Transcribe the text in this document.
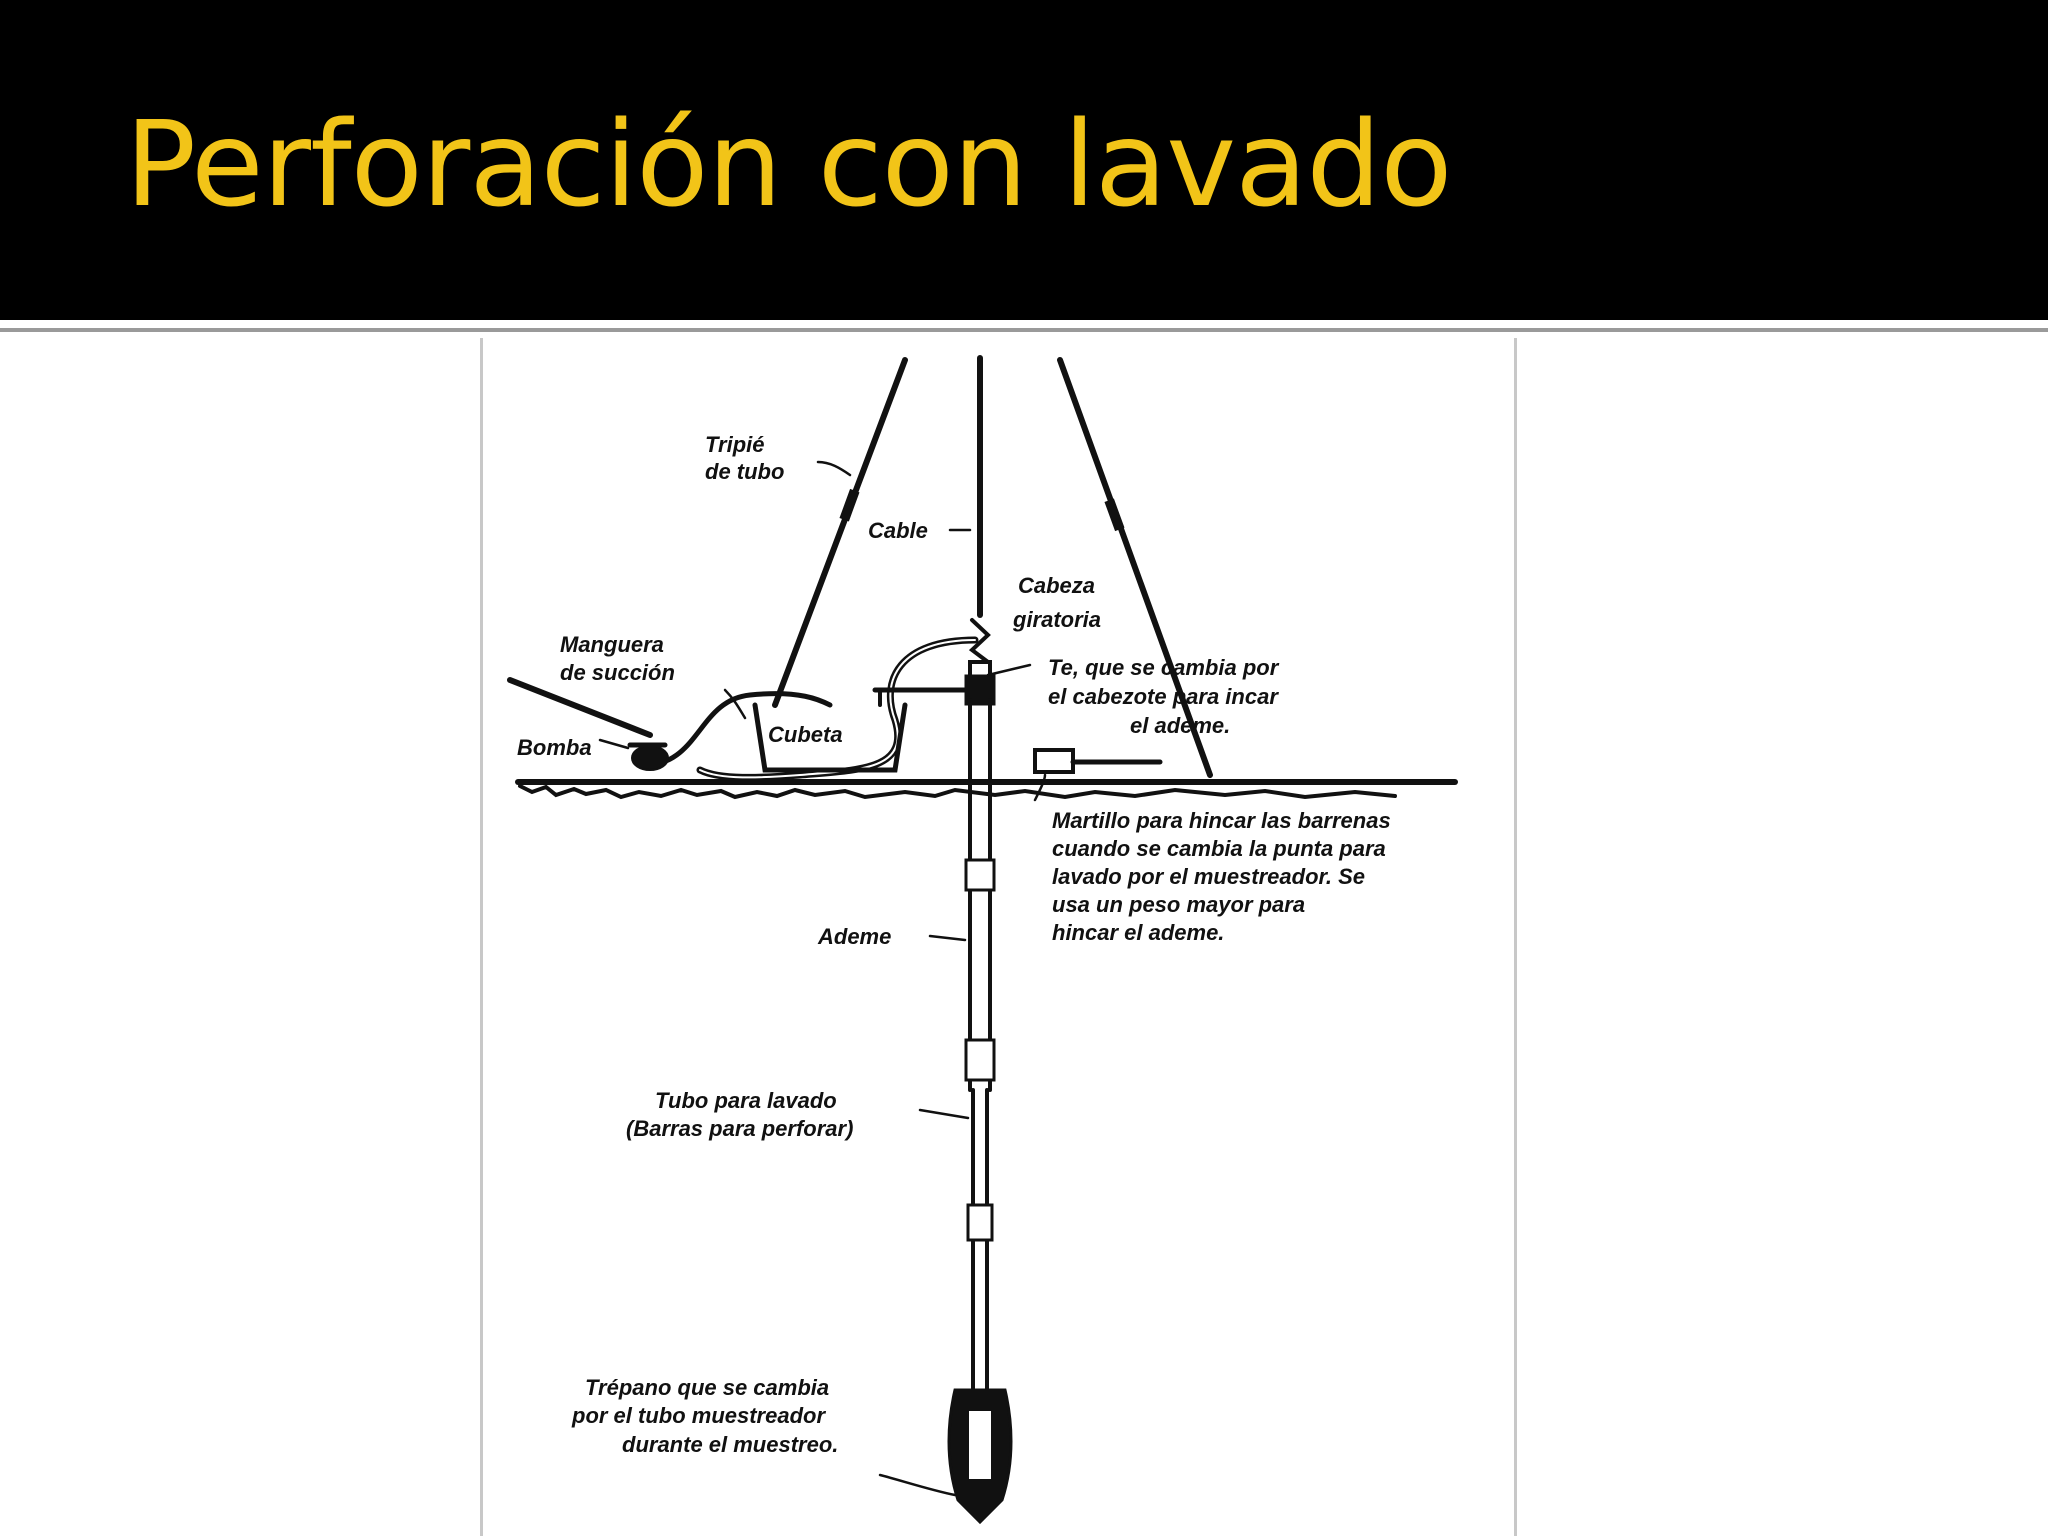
Perforación con lavado
Tripié
de tubo
Cable
Cabeza
giratoria
Manguera
de succión	Te, que se cambia por
el cabezote para incar
el ademe.
Cubeta
Bomba
Martillo para hincar las barrenas
cuando se cambia la punta para
lavado por el muestreador. Se
usa un peso mayor para
hincar el ademe.
Ademe
Tubo para lavado
(Barras para perforar)
Trépano que se cambia
por el tubo muestreador
durante el muestreo.
